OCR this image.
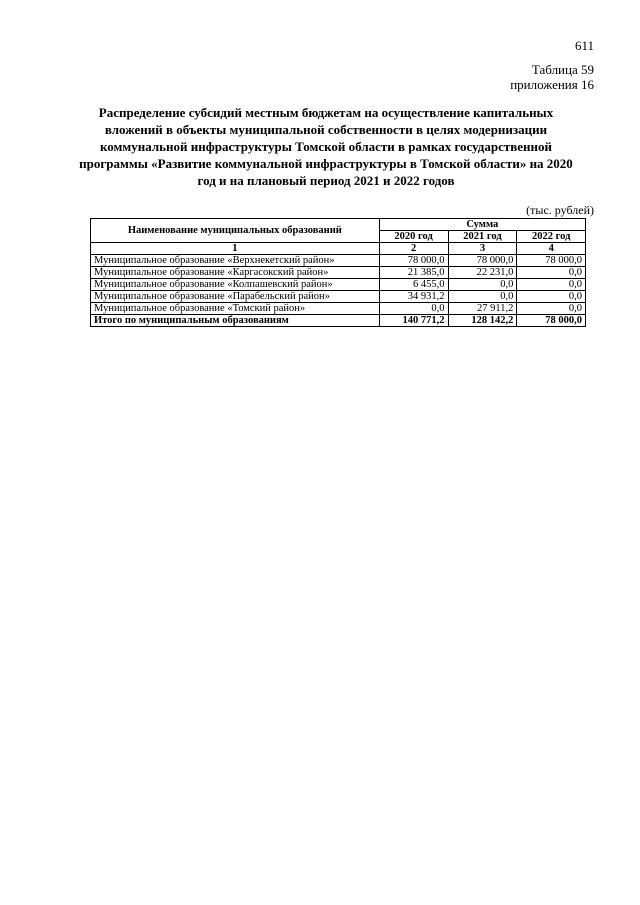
611
Таблица 59
приложения 16
Распределение субсидий местным бюджетам на осуществление капитальных вложений в объекты муниципальной собственности в целях модернизации коммунальной инфраструктуры Томской области в рамках государственной программы «Развитие коммунальной инфраструктуры в Томской области» на 2020 год и на плановый период 2021 и 2022 годов
(тыс. рублей)
Наименование муниципальных образований	Сумма		
	2020 год	2021 год	2022 год
1	2	3	4
Муниципальное образование «Верхнекетский район»	78 000,0	78 000,0	78 000,0
Муниципальное образование «Каргасокский район»	21 385,0	22 231,0	0,0
Муниципальное образование «Колпашевский район»	6 455,0	0,0	0,0
Муниципальное образование «Парабельский район»	34 931,2	0,0	0,0
Муниципальное образование «Томский район»	0,0	27 911,2	0,0
Итого по муниципальным образованиям	140 771,2	128 142,2	78 000,0
